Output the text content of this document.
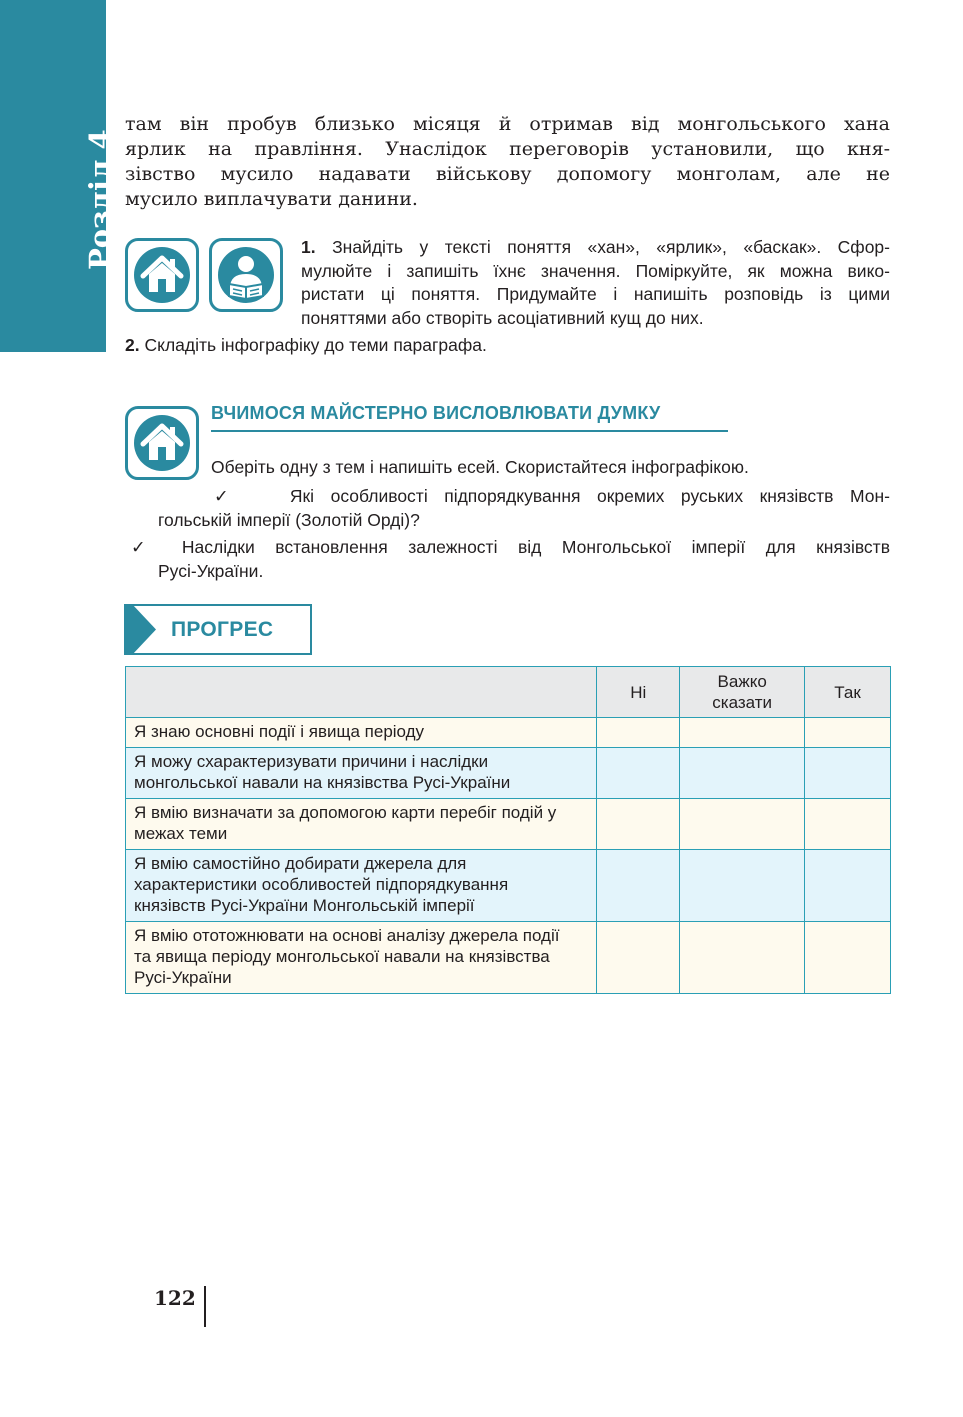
Розділ 4
там він пробув близько місяця й отримав від монгольського хана
ярлик на правління. Унаслідок переговорів установили, що кня-
зівство мусило надавати військову допомогу монголам, але не
мусило виплачувати данини.
1. Знайдіть у тексті поняття «хан», «ярлик», «баскак». Сфор-
мулюйте і запишіть їхнє значення. Поміркуйте, як можна вико-
ристати ці поняття. Придумайте і напишіть розповідь із цими
поняттями або створіть асоціативний кущ до них.
2. Складіть інфографіку до теми параграфа.
ВЧИМОСЯ МАЙСТЕРНО ВИСЛОВЛЮВАТИ ДУМКУ
Оберіть одну з тем і напишіть есей. Скористайтеся інфографікою.
✓	Які особливості підпорядкування окремих руських князівств Мон-
гольській імперії (Золотій Орді)?
✓ Наслідки встановлення залежності від Монгольської імперії для князівств
Русі-України.
ПРОГРЕС
	Ні	Важко сказати	Так
Я знаю основні події і явища періоду			
Я можу схарактеризувати причини і наслідки монгольської навали на князівства Русі-України			
Я вмію визначати за допомогою карти перебіг подій у межах теми			
Я вмію самостійно добирати джерела для характеристики особливостей підпорядкування князівств Русі-України Монгольській імперії			
Я вмію ототожнювати на основі аналізу джерела події та явища періоду монгольської навали на князівства Русі-України			
122
